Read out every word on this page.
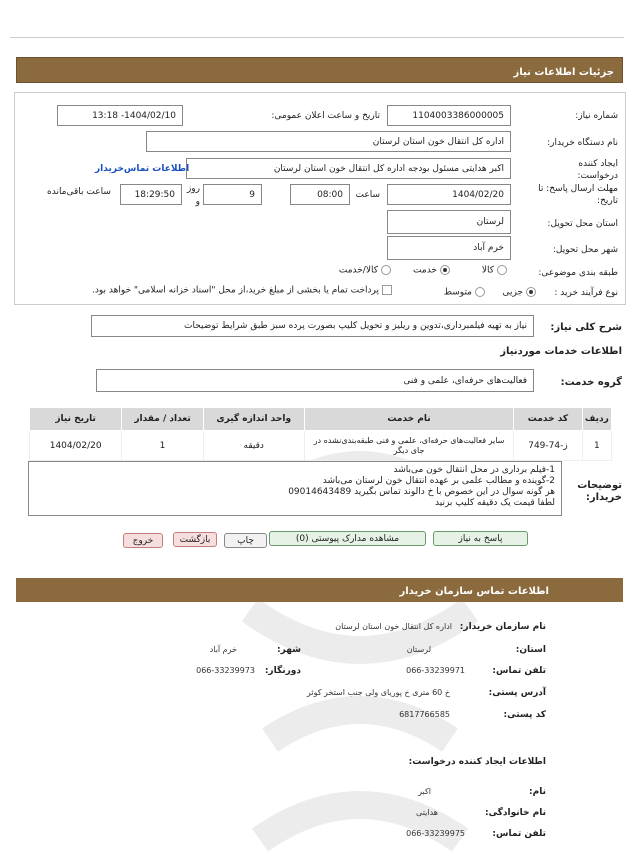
جزئیات اطلاعات نیاز
شماره نیاز:
1104003386000005
تاریخ و ساعت اعلان عمومی:
1404/02/10- 13:18
نام دستگاه خریدار:
اداره کل انتقال خون استان لرستان
ایجاد کننده درخواست:
اکبر هدایتی مسئول بودجه اداره کل انتقال خون استان لرستان
اطلاعات تماس‌خریدار
مهلت ارسال پاسخ: تا تاریخ:
1404/02/20
ساعت
08:00
9
روز و
18:29:50
ساعت باقی‌مانده
استان محل تحویل:
لرستان
شهر محل تحویل:
خرم آباد
طبقه بندی موضوعی:
کالا
خدمت
کالا/خدمت
نوع فرآیند خرید :
جزیی
متوسط
پرداخت تمام یا بخشی از مبلغ خرید،از محل "اسناد خزانه اسلامی" خواهد بود.
شرح کلی نیاز:
نیاز به تهیه فیلمبرداری،تدوین و ریلیز و تحویل کلیپ بصورت پرده سبز طبق شرایط توضیحات
اطلاعات خدمات موردنیاز
گروه خدمت:
فعالیت‌های حرفه‌ای، علمی و فنی
ردیف	کد خدمت	نام خدمت	واحد اندازه گیری	تعداد / مقدار	تاریخ نیاز
1	ز-74-749	سایر فعالیت‌های حرفه‌ای، علمی و فنی طبقه‌بندی‌نشده در جای دیگر	دقیقه	1	1404/02/20
توضیحات خریدار:
1-فیلم برداری در محل انتقال خون می‌باشد
2-گوینده و مطالب علمی بر عهده انتقال خون لرستان می‌باشد
هر گونه سوال در این خصوص با خ دالوند تماس بگیرید 09014643489
لطفا قیمت یک دقیقه کلیپ بزنید
پاسخ به نیاز
مشاهده مدارک پیوستی (0)
چاپ
بازگشت
خروج
اطلاعات تماس سازمان خریدار
نام سازمان خریدار:
اداره کل انتقال خون استان لرستان
استان:
لرستان
شهر:
خرم آباد
تلفن تماس:
066-33239971
دورنگار:
066-33239973
آدرس پستی:
خ 60 متری خ پوریای ولی جنب استخر کوثر
کد پستی:
6817766585
اطلاعات ایجاد کننده درخواست:
نام:
اکبر
نام خانوادگی:
هدایتی
تلفن تماس:
066-33239975
